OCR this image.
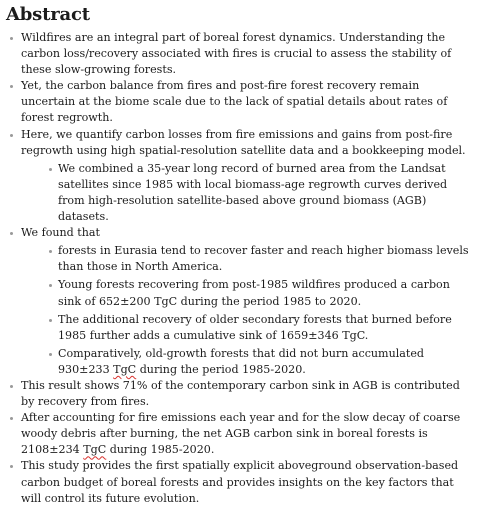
Abstract
Wildfires are an integral part of boreal forest dynamics. Understanding the carbon loss/recovery associated with fires is crucial to assess the stability of these slow-growing forests.
Yet, the carbon balance from fires and post-fire forest recovery remain uncertain at the biome scale due to the lack of spatial details about rates of forest regrowth.
Here, we quantify carbon losses from fire emissions and gains from post-fire regrowth using high spatial-resolution satellite data and a bookkeeping model.
We combined a 35-year long record of burned area from the Landsat satellites since 1985 with local biomass-age regrowth curves derived from high-resolution satellite-based above ground biomass (AGB) datasets.
We found that
forests in Eurasia tend to recover faster and reach higher biomass levels than those in North America.
Young forests recovering from post-1985 wildfires produced a carbon sink of 652±200 TgC during the period 1985 to 2020.
The additional recovery of older secondary forests that burned before 1985 further adds a cumulative sink of 1659±346 TgC.
Comparatively, old-growth forests that did not burn accumulated 930±233 TgC during the period 1985-2020.
This result shows 71% of the contemporary carbon sink in AGB is contributed by recovery from fires.
After accounting for fire emissions each year and for the slow decay of coarse woody debris after burning, the net AGB carbon sink in boreal forests is 2108±234 TgC during 1985-2020.
This study provides the first spatially explicit aboveground observation-based carbon budget of boreal forests and provides insights on the key factors that will control its future evolution.
